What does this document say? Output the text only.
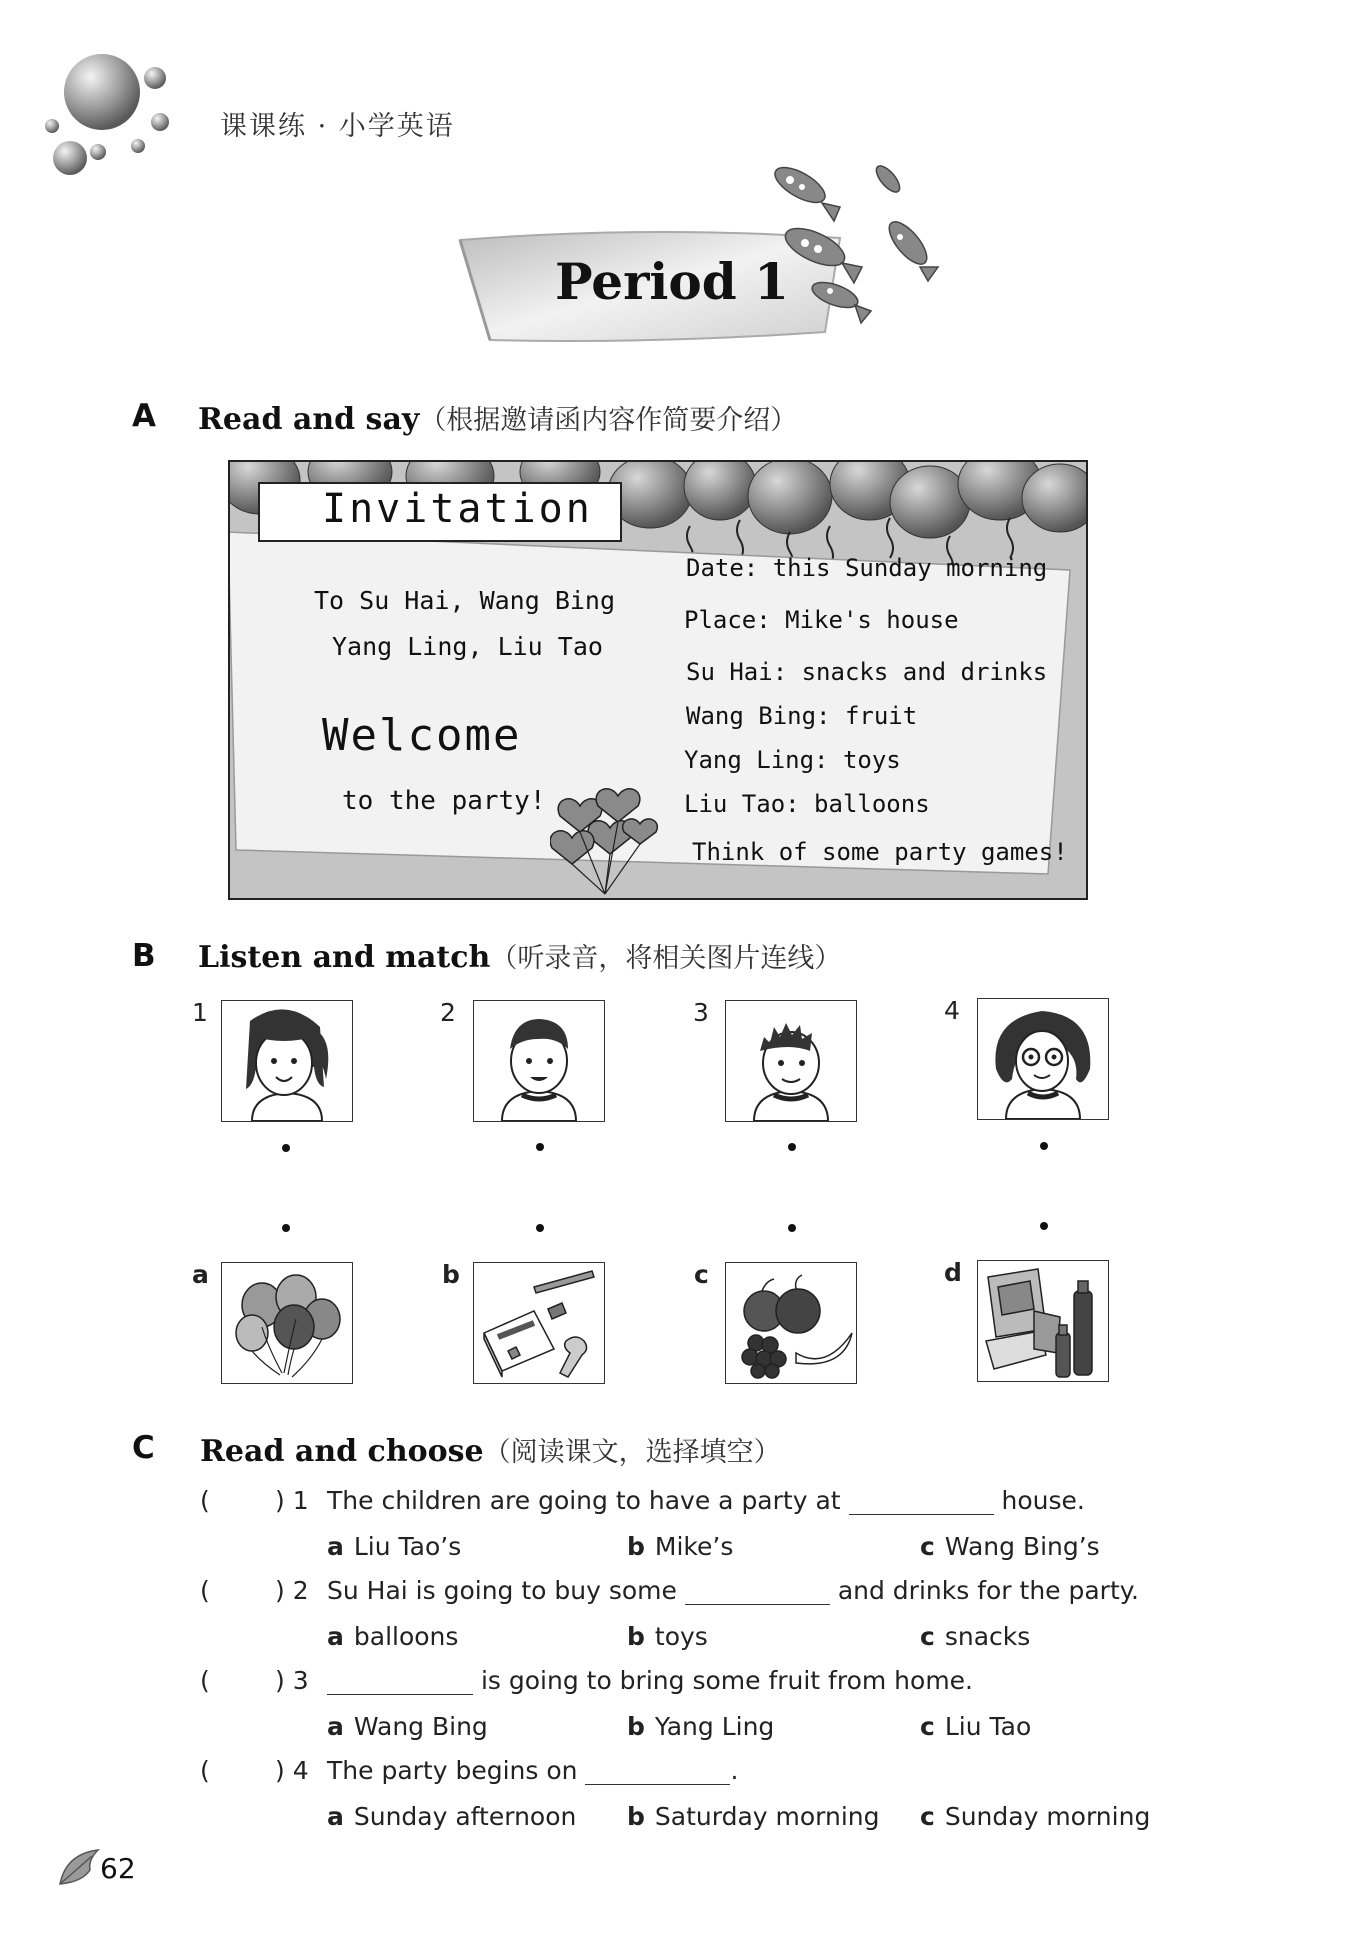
课课练 · 小学英语
Period 1
A Read and say（根据邀请函内容作简要介绍）
Invitation
To Su Hai, Wang Bing
Yang Ling, Liu Tao
Welcome
to the party!
Date: this Sunday morning
Place: Mike's house
Su Hai: snacks and drinks
Wang Bing: fruit
Yang Ling: toys
Liu Tao: balloons
Think of some party games!
B Listen and match（听录音，将相关图片连线）
1	2	3	4
a	b	c	d
C Read and choose（阅读课文，选择填空）
(	) 1 The children are going to have a party at	house.
a Liu Tao’s	b Mike’s	c Wang Bing’s
(	) 2 Su Hai is going to buy some	and drinks for the party.
a balloons	b toys	c snacks
(	) 3	is going to bring some fruit from home.
a Wang Bing	b Yang Ling	c Liu Tao
(	) 4 The party begins on	.
a Sunday afternoon b Saturday morning c Sunday morning
62
